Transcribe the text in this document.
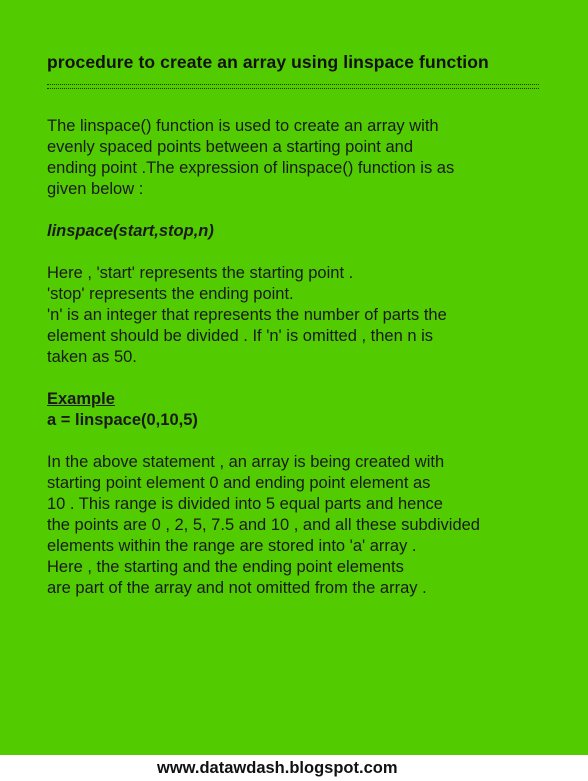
procedure to create an array using linspace function
The linspace() function is used to create an array with
evenly spaced points between a starting point and
ending point .The expression of linspace() function is as
given below :
linspace(start,stop,n)
Here , 'start' represents the starting point .
'stop' represents the ending point.
'n' is an integer that represents the number of parts the
element should be divided . If 'n' is omitted , then n is
taken as 50.
Example
a = linspace(0,10,5)
In the above statement , an array is being created with
starting point element 0 and ending point element as
10 . This range is divided into 5 equal parts and hence
the points are 0 , 2, 5, 7.5 and 10 , and all these subdivided
elements within the range are stored into 'a' array .
Here , the starting and the ending point elements
are part of the array and not omitted from the array .
www.datawdash.blogspot.com
